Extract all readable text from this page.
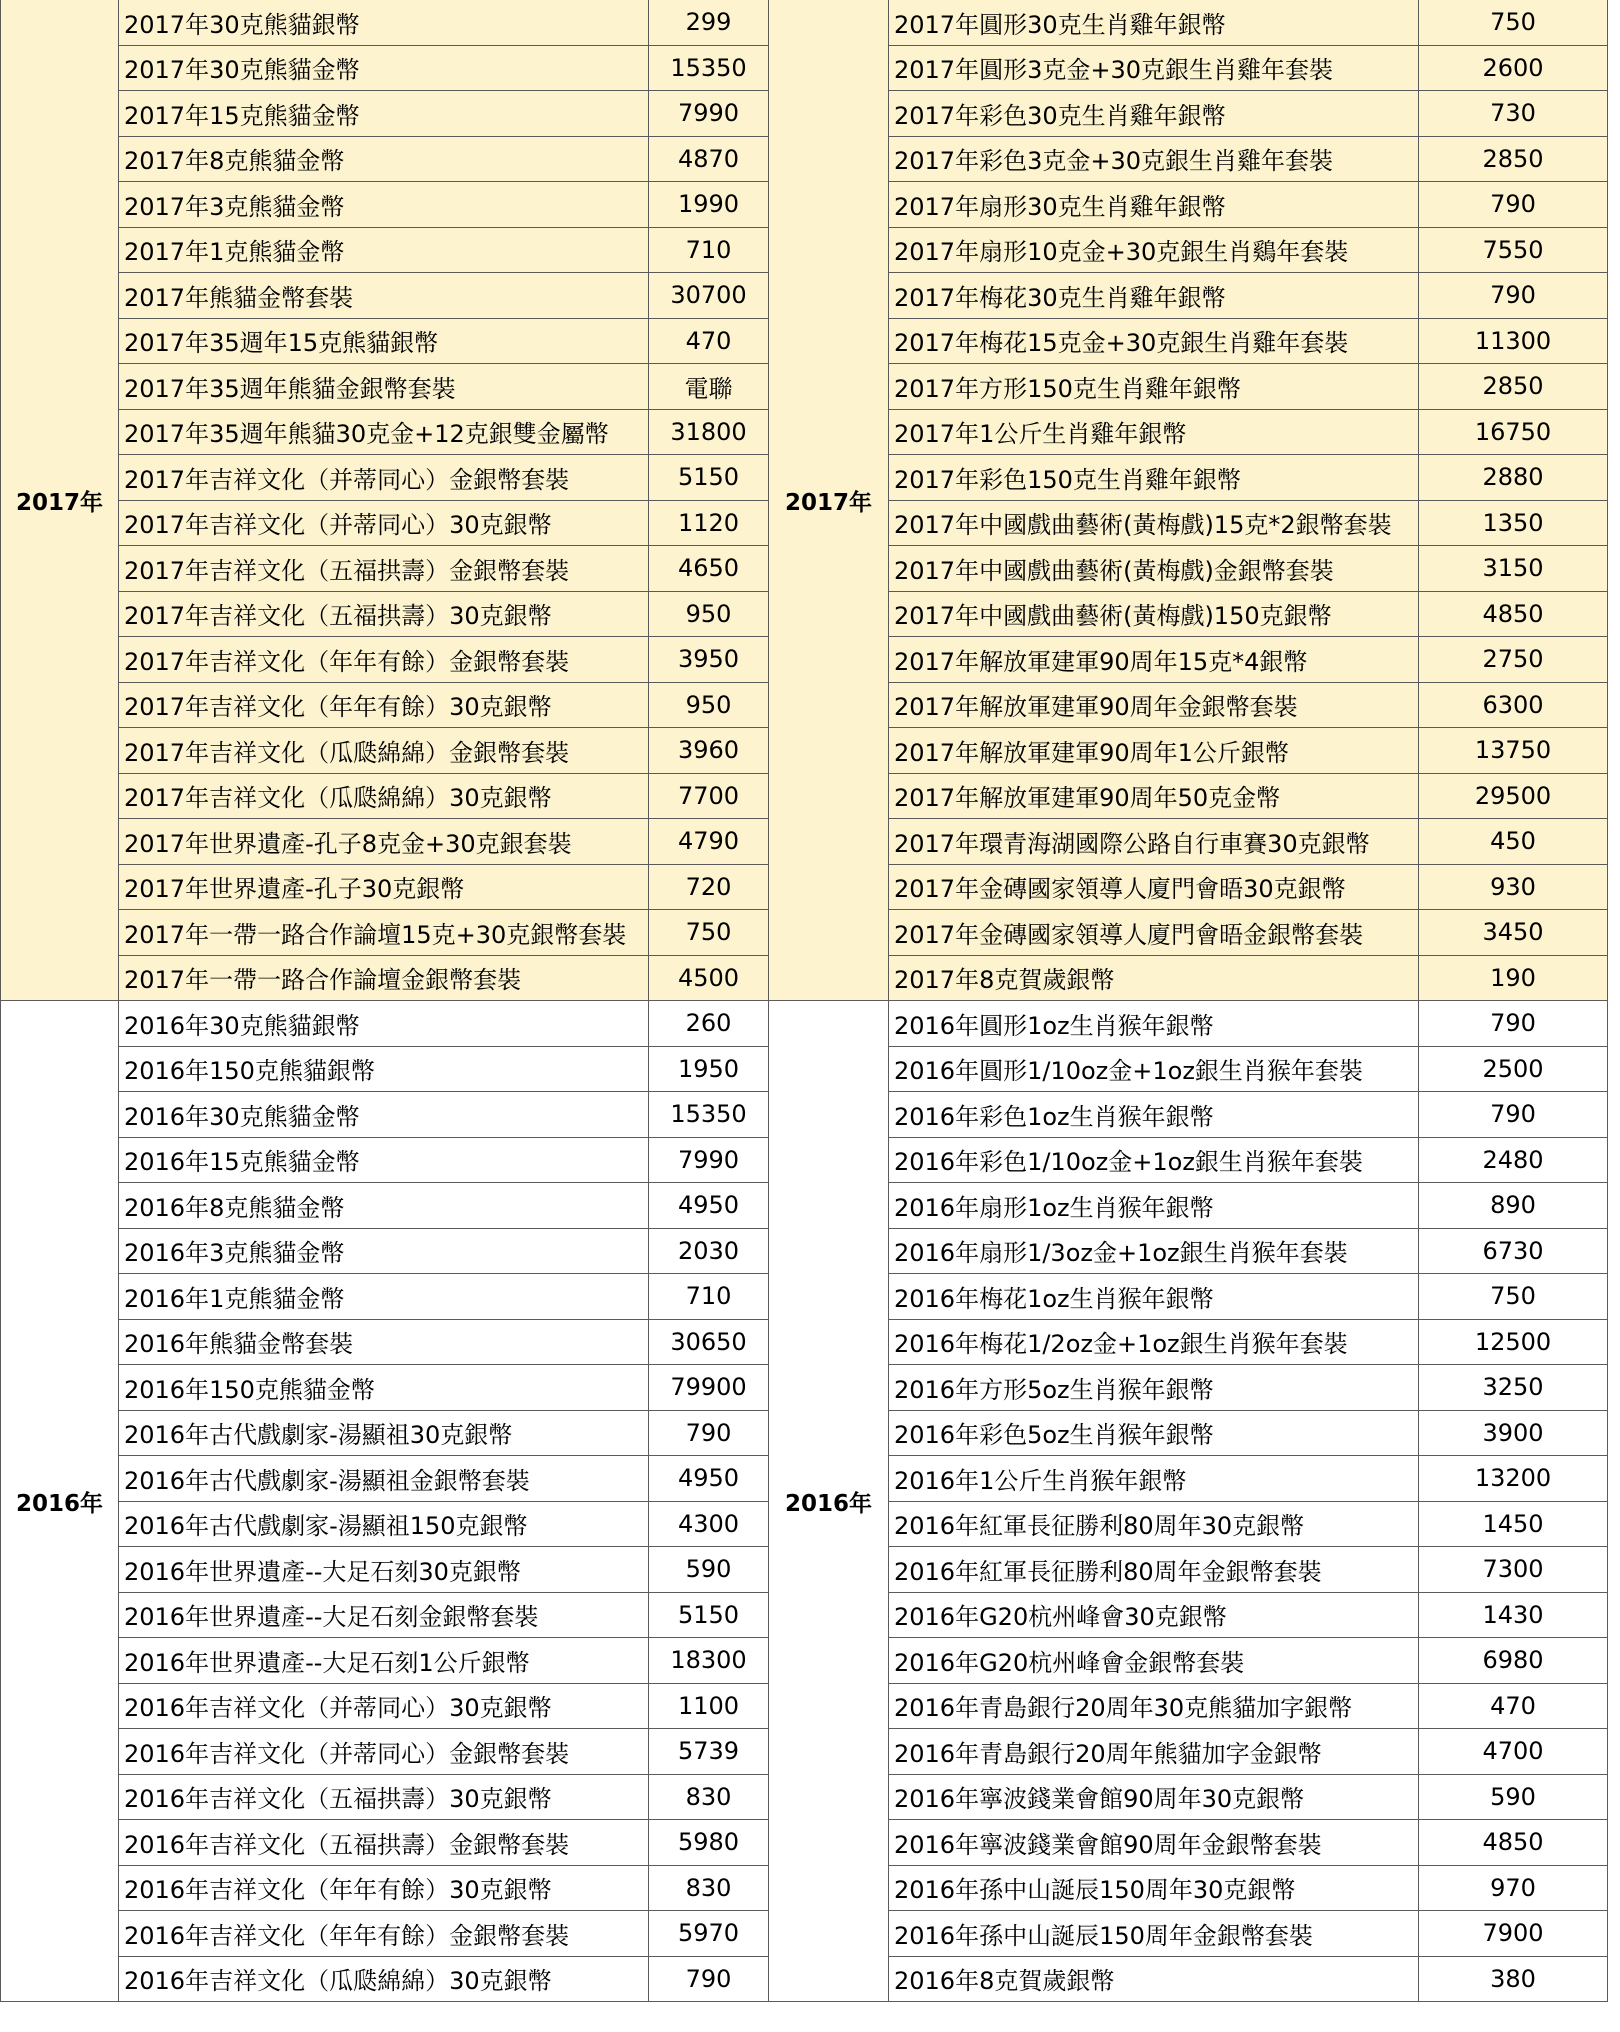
2017年	2017年30克熊貓銀幣	299	2017年	2017年圓形30克生肖雞年銀幣	750
	2017年30克熊貓金幣	15350		2017年圓形3克金+30克銀生肖雞年套裝	2600
	2017年15克熊貓金幣	7990		2017年彩色30克生肖雞年銀幣	730
	2017年8克熊貓金幣	4870		2017年彩色3克金+30克銀生肖雞年套裝	2850
	2017年3克熊貓金幣	1990		2017年扇形30克生肖雞年銀幣	790
	2017年1克熊貓金幣	710		2017年扇形10克金+30克銀生肖鷄年套裝	7550
	2017年熊貓金幣套裝	30700		2017年梅花30克生肖雞年銀幣	790
	2017年35週年15克熊貓銀幣	470		2017年梅花15克金+30克銀生肖雞年套裝	11300
	2017年35週年熊貓金銀幣套裝	電聯		2017年方形150克生肖雞年銀幣	2850
	2017年35週年熊貓30克金+12克銀雙金屬幣	31800		2017年1公斤生肖雞年銀幣	16750
	2017年吉祥文化（并蒂同心）金銀幣套裝	5150		2017年彩色150克生肖雞年銀幣	2880
	2017年吉祥文化（并蒂同心）30克銀幣	1120		2017年中國戲曲藝術(黃梅戲)15克*2銀幣套裝	1350
	2017年吉祥文化（五福拱壽）金銀幣套裝	4650		2017年中國戲曲藝術(黃梅戲)金銀幣套裝	3150
	2017年吉祥文化（五福拱壽）30克銀幣	950		2017年中國戲曲藝術(黃梅戲)150克銀幣	4850
	2017年吉祥文化（年年有餘）金銀幣套裝	3950		2017年解放軍建軍90周年15克*4銀幣	2750
	2017年吉祥文化（年年有餘）30克銀幣	950		2017年解放軍建軍90周年金銀幣套裝	6300
	2017年吉祥文化（瓜瓞綿綿）金銀幣套裝	3960		2017年解放軍建軍90周年1公斤銀幣	13750
	2017年吉祥文化（瓜瓞綿綿）30克銀幣	7700		2017年解放軍建軍90周年50克金幣	29500
	2017年世界遺產-孔子8克金+30克銀套裝	4790		2017年環青海湖國際公路自行車賽30克銀幣	450
	2017年世界遺產-孔子30克銀幣	720		2017年金磚國家領導人廈門會晤30克銀幣	930
	2017年一帶一路合作論壇15克+30克銀幣套裝	750		2017年金磚國家領導人廈門會晤金銀幣套裝	3450
	2017年一帶一路合作論壇金銀幣套裝	4500		2017年8克賀歲銀幣	190
2016年	2016年30克熊貓銀幣	260	2016年	2016年圓形1oz生肖猴年銀幣	790
	2016年150克熊貓銀幣	1950		2016年圓形1/10oz金+1oz銀生肖猴年套裝	2500
	2016年30克熊貓金幣	15350		2016年彩色1oz生肖猴年銀幣	790
	2016年15克熊貓金幣	7990		2016年彩色1/10oz金+1oz銀生肖猴年套裝	2480
	2016年8克熊貓金幣	4950		2016年扇形1oz生肖猴年銀幣	890
	2016年3克熊貓金幣	2030		2016年扇形1/3oz金+1oz銀生肖猴年套裝	6730
	2016年1克熊貓金幣	710		2016年梅花1oz生肖猴年銀幣	750
	2016年熊貓金幣套裝	30650		2016年梅花1/2oz金+1oz銀生肖猴年套裝	12500
	2016年150克熊貓金幣	79900		2016年方形5oz生肖猴年銀幣	3250
	2016年古代戲劇家-湯顯祖30克銀幣	790		2016年彩色5oz生肖猴年銀幣	3900
	2016年古代戲劇家-湯顯祖金銀幣套裝	4950		2016年1公斤生肖猴年銀幣	13200
	2016年古代戲劇家-湯顯祖150克銀幣	4300		2016年紅軍長征勝利80周年30克銀幣	1450
	2016年世界遺產--大足石刻30克銀幣	590		2016年紅軍長征勝利80周年金銀幣套裝	7300
	2016年世界遺產--大足石刻金銀幣套裝	5150		2016年G20杭州峰會30克銀幣	1430
	2016年世界遺產--大足石刻1公斤銀幣	18300		2016年G20杭州峰會金銀幣套裝	6980
	2016年吉祥文化（并蒂同心）30克銀幣	1100		2016年青島銀行20周年30克熊貓加字銀幣	470
	2016年吉祥文化（并蒂同心）金銀幣套裝	5739		2016年青島銀行20周年熊貓加字金銀幣	4700
	2016年吉祥文化（五福拱壽）30克銀幣	830		2016年寧波錢業會館90周年30克銀幣	590
	2016年吉祥文化（五福拱壽）金銀幣套裝	5980		2016年寧波錢業會館90周年金銀幣套裝	4850
	2016年吉祥文化（年年有餘）30克銀幣	830		2016年孫中山誕辰150周年30克銀幣	970
	2016年吉祥文化（年年有餘）金銀幣套裝	5970		2016年孫中山誕辰150周年金銀幣套裝	7900
	2016年吉祥文化（瓜瓞綿綿）30克銀幣	790		2016年8克賀歲銀幣	380
